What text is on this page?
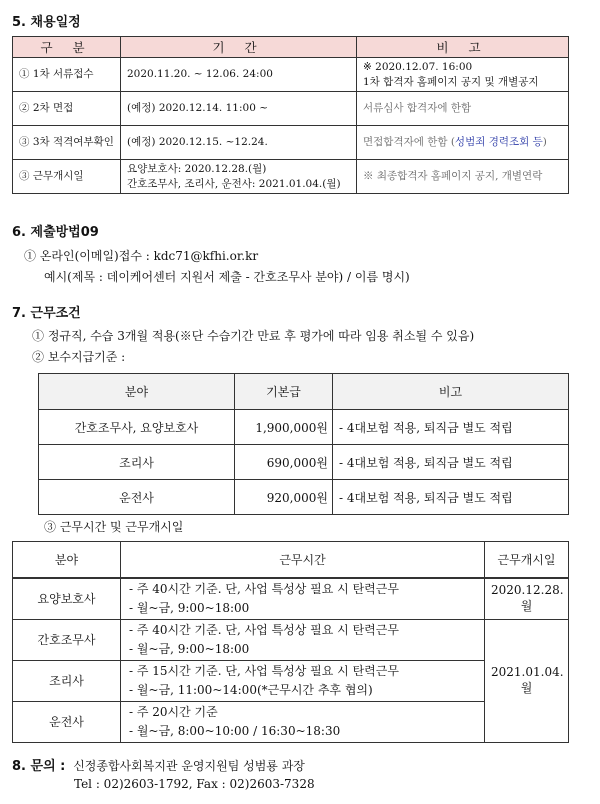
5. 채용일정
구 분	기 간	비 고
① 1차 서류접수	2020.11.20. ~ 12.06. 24:00	※ 2020.12.07. 16:00
1차 합격자 홈페이지 공지 및 개별공지

② 2차 면접	(예정) 2020.12.14. 11:00 ~	서류심사 합격자에 한함
③ 3차 적격여부확인	(예정) 2020.12.15. ~12.24.	면접합격자에 한함 (성범죄 경력조회 등)
③ 근무개시일	요양보호사: 2020.12.28.(월)
간호조무사, 조리사, 운전사: 2021.01.04.(월)	※ 최종합격자 홈페이지 공지, 개별연락
6. 제출방법09
① 온라인(이메일)접수 : kdc71@kfhi.or.kr
예시(제목 : 데이케어센터 지원서 제출 - 간호조무사 분야) / 이름 명시)
7. 근무조건
① 정규직, 수습 3개월 적용(※단 수습기간 만료 후 평가에 따라 임용 취소될 수 있음)
② 보수지급기준 :
분야	기본급	비고
간호조무사, 요양보호사	1,900,000원	- 4대보험 적용, 퇴직금 별도 적립
조리사	690,000원	- 4대보험 적용, 퇴직금 별도 적립
운전사	920,000원	- 4대보험 적용, 퇴직금 별도 적립
③ 근무시간 및 근무개시일
분야	근무시간	근무개시일
요양보호사	- 주 40시간 기준. 단, 사업 특성상 필요 시 탄력근무
- 월~금, 9:00~18:00	2020.12.28.월
간호조무사	- 주 40시간 기준. 단, 사업 특성상 필요 시 탄력근무
- 월~금, 9:00~18:00	2021.01.04.월
조리사	- 주 15시간 기준. 단, 사업 특성상 필요 시 탄력근무
- 월~금, 11:00~14:00(*근무시간 추후 협의)	

운전사	- 주 20시간 기준
- 월~금, 8:00~10:00 / 16:30~18:30	
8. 문의 : 신정종합사회복지관 운영지원팀 성범룡 과장
Tel : 02)2603-1792, Fax : 02)2603-7328
